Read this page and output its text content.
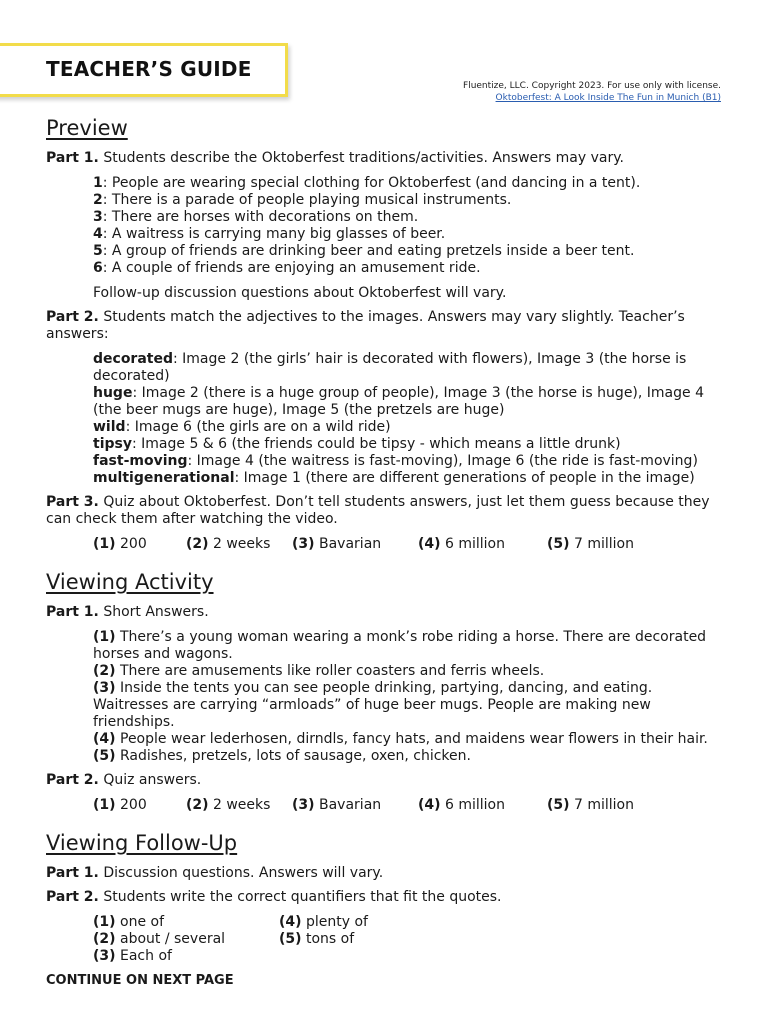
TEACHER’S GUIDE
Fluentize, LLC. Copyright 2023. For use only with license.
Oktoberfest: A Look Inside The Fun in Munich (B1)
Preview

Part 1. Students describe the Oktoberfest traditions/activities. Answers may vary.

1: People are wearing special clothing for Oktoberfest (and dancing in a tent).
2: There is a parade of people playing musical instruments.
3: There are horses with decorations on them.
4: A waitress is carrying many big glasses of beer.
5: A group of friends are drinking beer and eating pretzels inside a beer tent.
6: A couple of friends are enjoying an amusement ride.

Follow-up discussion questions about Oktoberfest will vary.

Part 2. Students match the adjectives to the images. Answers may vary slightly. Teacher’s answers:

decorated: Image 2 (the girls’ hair is decorated with flowers), Image 3 (the horse is decorated)
huge: Image 2 (there is a huge group of people), Image 3 (the horse is huge), Image 4 (the beer mugs are huge), Image 5 (the pretzels are huge)
wild: Image 6 (the girls are on a wild ride)
tipsy: Image 5 & 6 (the friends could be tipsy - which means a little drunk)
fast-moving: Image 4 (the waitress is fast-moving), Image 6 (the ride is fast-moving)
multigenerational: Image 1 (there are different generations of people in the image)

Part 3. Quiz about Oktoberfest. Don’t tell students answers, just let them guess because they can check them after watching the video.

(1) 200	(2) 2 weeks	(3) Bavarian	(4) 6 million	(5) 7 million
Viewing Activity

Part 1. Short Answers.

(1) There’s a young woman wearing a monk’s robe riding a horse. There are decorated horses and wagons.
(2) There are amusements like roller coasters and ferris wheels.
(3) Inside the tents you can see people drinking, partying, dancing, and eating. Waitresses are carrying “armloads” of huge beer mugs. People are making new friendships.
(4) People wear lederhosen, dirndls, fancy hats, and maidens wear flowers in their hair.
(5) Radishes, pretzels, lots of sausage, oxen, chicken.

Part 2. Quiz answers.

(1) 200	(2) 2 weeks	(3) Bavarian	(4) 6 million	(5) 7 million
Viewing Follow-Up

Part 1. Discussion questions. Answers will vary.

Part 2. Students write the correct quantifiers that fit the quotes.

(1) one of
(2) about / several
(3) Each of
(4) plenty of
(5) tons of

CONTINUE ON NEXT PAGE
